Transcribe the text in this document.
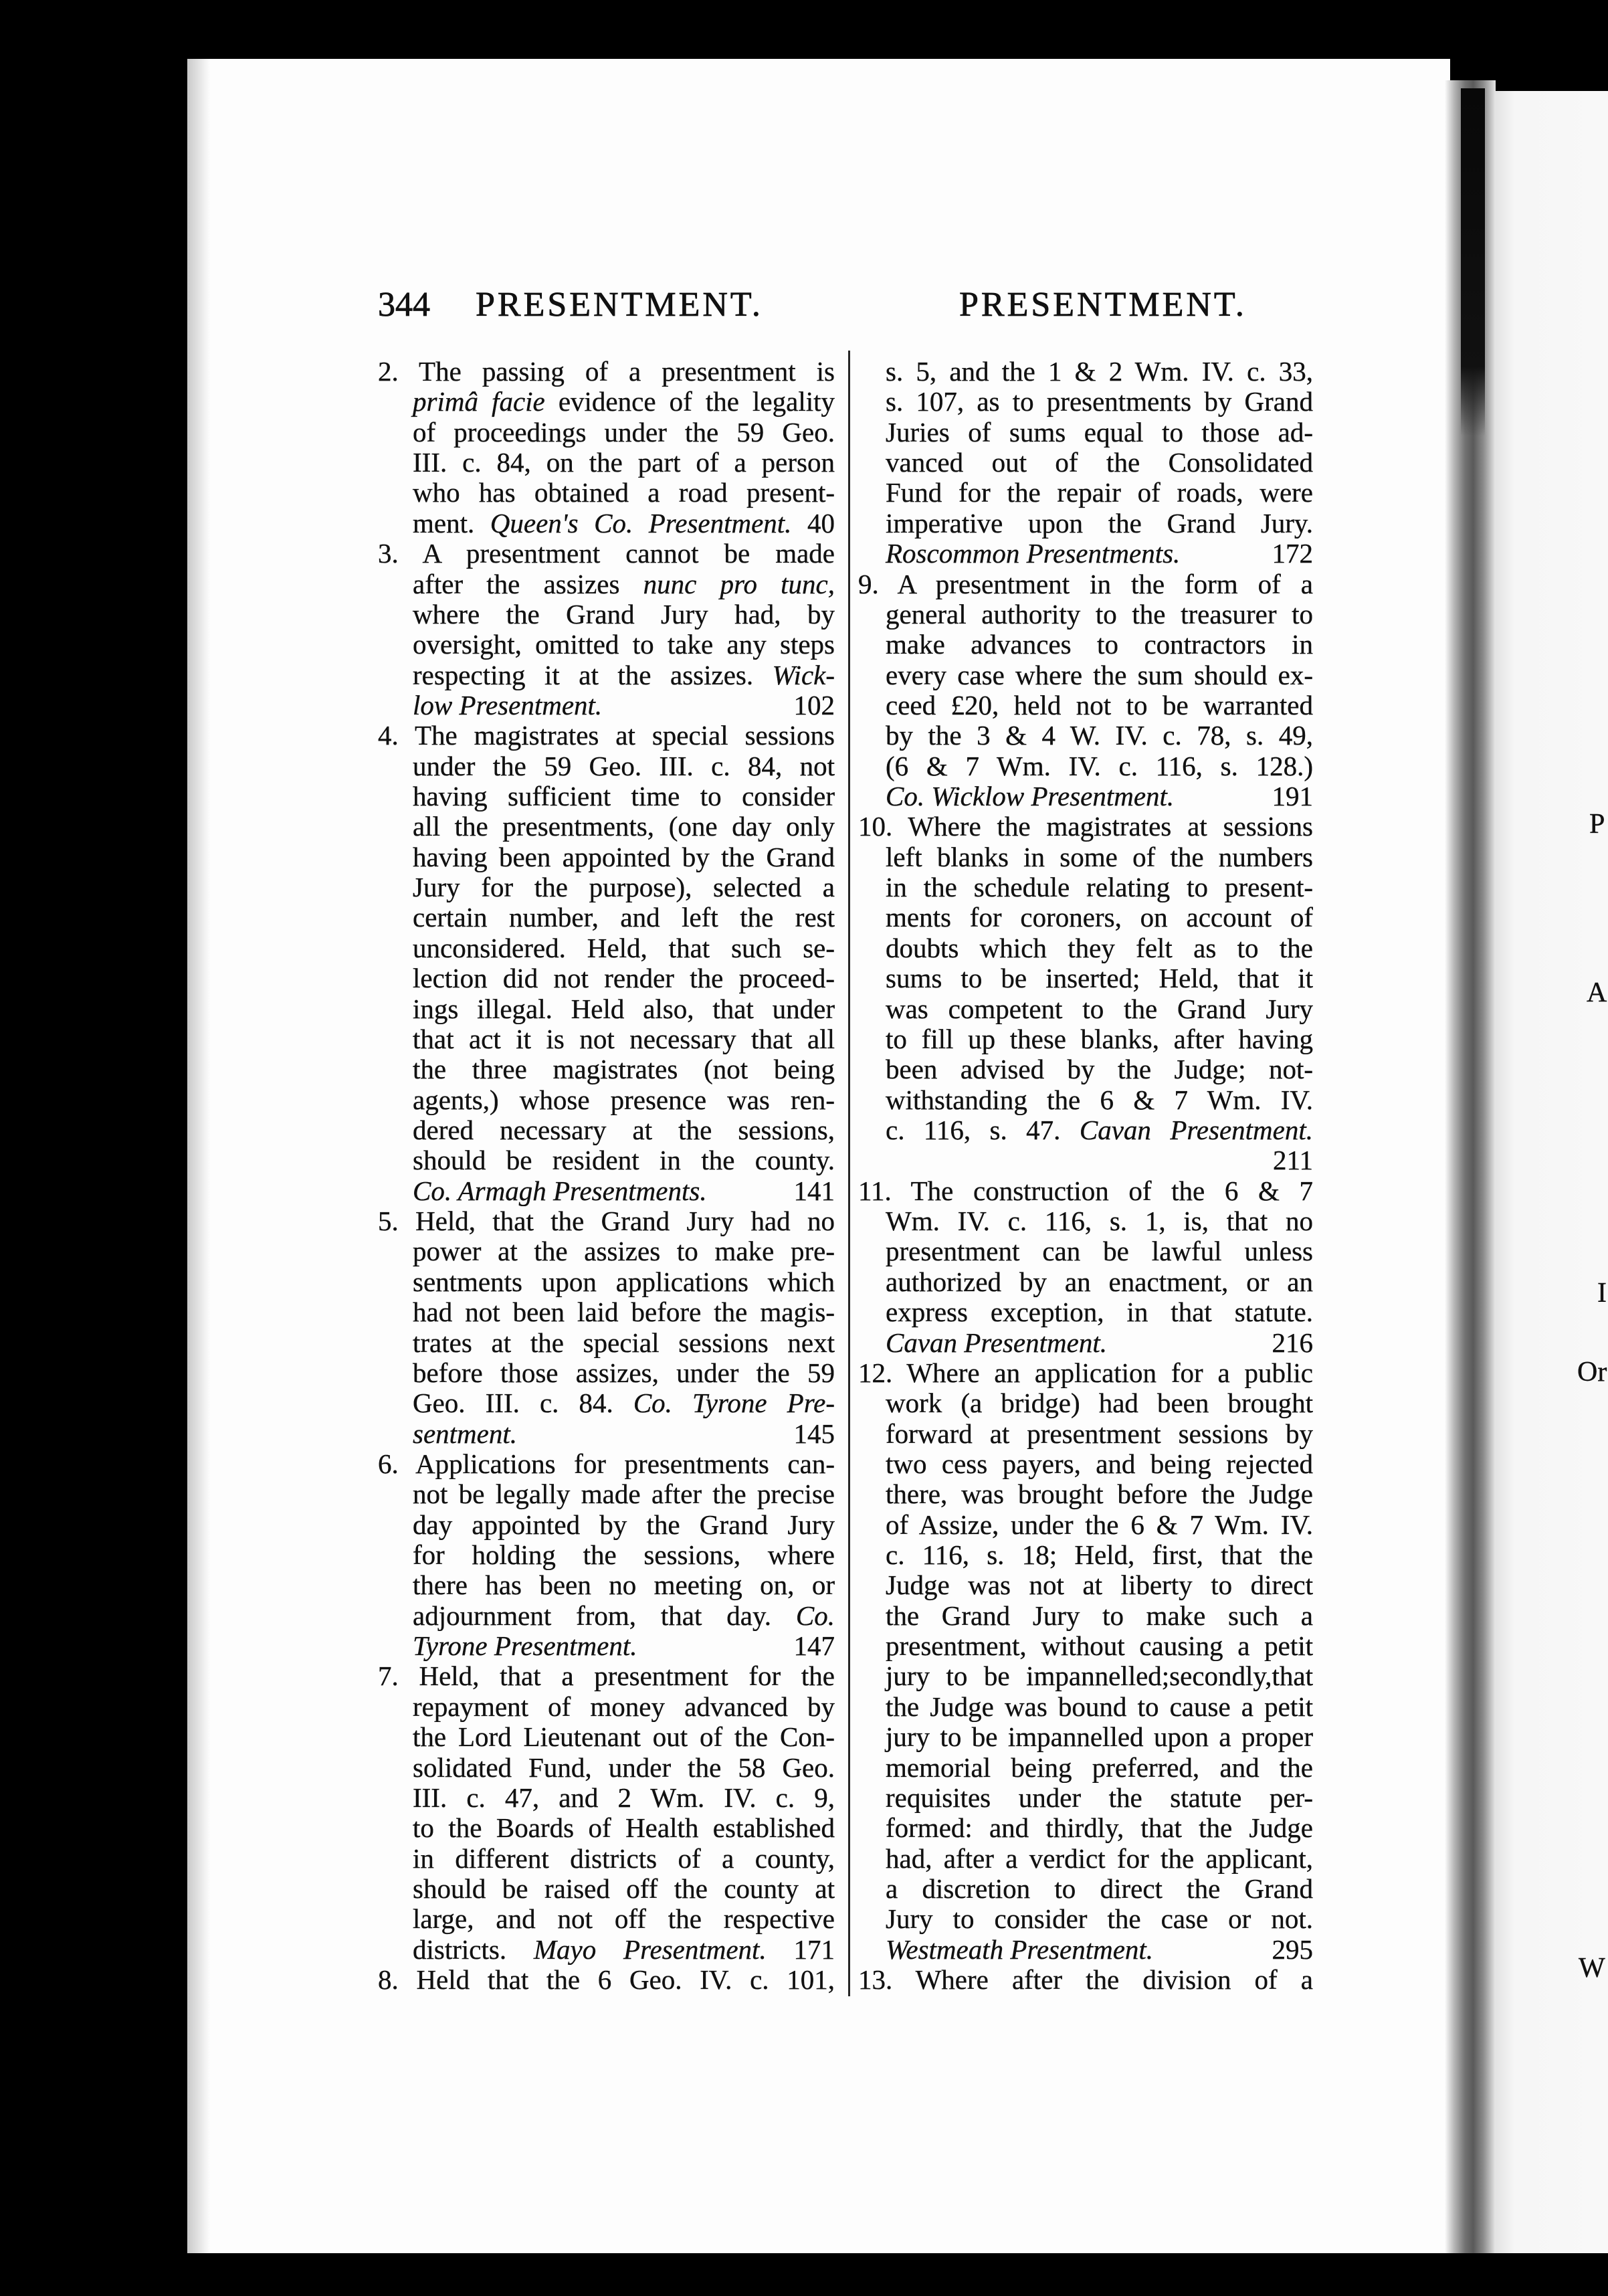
P
A
I
Or
W
344 PRESENTMENT.	PRESENTMENT.
2. The passing of a presentment is
primâ facie evidence of the legality
of proceedings under the 59 Geo.
III. c. 84, on the part of a person
who has obtained a road present-
ment. Queen's Co. Presentment. 40
3. A presentment cannot be made
after the assizes nunc pro tunc,
where the Grand Jury had, by
oversight, omitted to take any steps
respecting it at the assizes. Wick-
low Presentment.	102
4. The magistrates at special sessions
under the 59 Geo. III. c. 84, not
having sufficient time to consider
all the presentments, (one day only
having been appointed by the Grand
Jury for the purpose), selected a
certain number, and left the rest
unconsidered. Held, that such se-
lection did not render the proceed-
ings illegal. Held also, that under
that act it is not necessary that all
the three magistrates (not being
agents,) whose presence was ren-
dered necessary at the sessions,
should be resident in the county.
Co. Armagh Presentments.	141
5. Held, that the Grand Jury had no
power at the assizes to make pre-
sentments upon applications which
had not been laid before the magis-
trates at the special sessions next
before those assizes, under the 59
Geo. III. c. 84. Co. Tyrone Pre-
sentment.	145
6. Applications for presentments can-
not be legally made after the precise
day appointed by the Grand Jury
for holding the sessions, where
there has been no meeting on, or
adjournment from, that day. Co.
Tyrone Presentment.	147
7. Held, that a presentment for the
repayment of money advanced by
the Lord Lieutenant out of the Con-
solidated Fund, under the 58 Geo.
III. c. 47, and 2 Wm. IV. c. 9,
to the Boards of Health established
in different districts of a county,
should be raised off the county at
large, and not off the respective
districts. Mayo Presentment. 171
8. Held that the 6 Geo. IV. c. 101,
s. 5, and the 1 & 2 Wm. IV. c. 33,
s. 107, as to presentments by Grand
Juries of sums equal to those ad-
vanced out of the Consolidated
Fund for the repair of roads, were
imperative upon the Grand Jury.
Roscommon Presentments.	172
9. A presentment in the form of a
general authority to the treasurer to
make advances to contractors in
every case where the sum should ex-
ceed £20, held not to be warranted
by the 3 & 4 W. IV. c. 78, s. 49,
(6 & 7 Wm. IV. c. 116, s. 128.)
Co. Wicklow Presentment.	191
10. Where the magistrates at sessions
left blanks in some of the numbers
in the schedule relating to present-
ments for coroners, on account of
doubts which they felt as to the
sums to be inserted; Held, that it
was competent to the Grand Jury
to fill up these blanks, after having
been advised by the Judge; not-
withstanding the 6 & 7 Wm. IV.
c. 116, s. 47. Cavan Presentment.
211
11. The construction of the 6 & 7
Wm. IV. c. 116, s. 1, is, that no
presentment can be lawful unless
authorized by an enactment, or an
express exception, in that statute.
Cavan Presentment.	216
12. Where an application for a public
work (a bridge) had been brought
forward at presentment sessions by
two cess payers, and being rejected
there, was brought before the Judge
of Assize, under the 6 & 7 Wm. IV.
c. 116, s. 18; Held, first, that the
Judge was not at liberty to direct
the Grand Jury to make such a
presentment, without causing a petit
jury to be impannelled;secondly,that
the Judge was bound to cause a petit
jury to be impannelled upon a proper
memorial being preferred, and the
requisites under the statute per-
formed: and thirdly, that the Judge
had, after a verdict for the applicant,
a discretion to direct the Grand
Jury to consider the case or not.
Westmeath Presentment.	295
13. Where after the division of a
